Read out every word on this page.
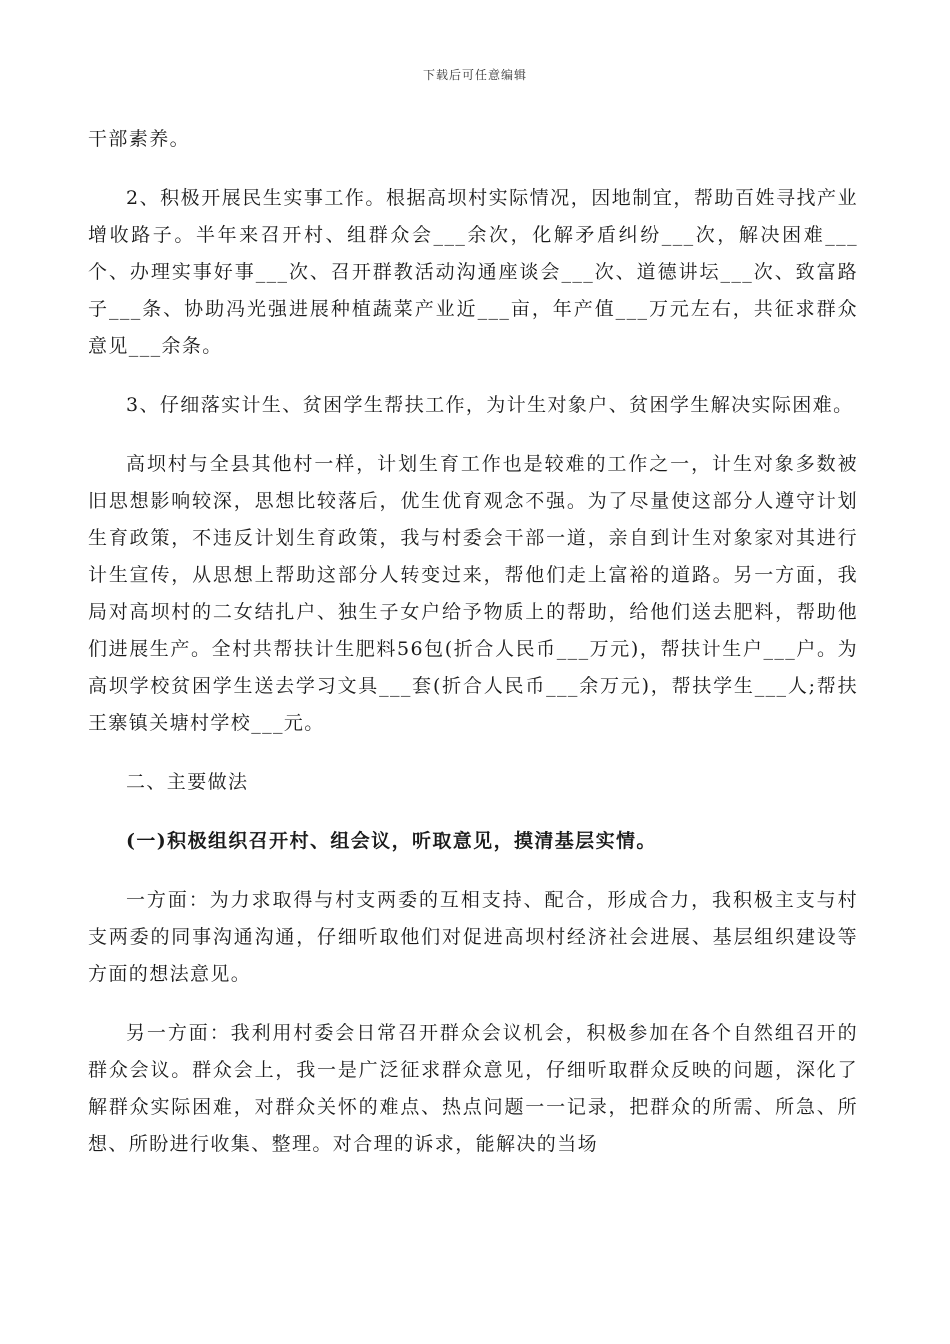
下载后可任意编辑

干部素养。

2、积极开展民生实事工作。根据高坝村实际情况，因地制宜，帮助百姓寻找产业增收路子。半年来召开村、组群众会___余次，化解矛盾纠纷___次，解决困难___个、办理实事好事___次、召开群教活动沟通座谈会___次、道德讲坛___次、致富路子___条、协助冯光强进展种植蔬菜产业近___亩，年产值___万元左右，共征求群众意见___余条。

3、仔细落实计生、贫困学生帮扶工作，为计生对象户、贫困学生解决实际困难。

高坝村与全县其他村一样，计划生育工作也是较难的工作之一，计生对象多数被旧思想影响较深，思想比较落后，优生优育观念不强。为了尽量使这部分人遵守计划生育政策，不违反计划生育政策，我与村委会干部一道，亲自到计生对象家对其进行计生宣传，从思想上帮助这部分人转变过来，帮他们走上富裕的道路。另一方面，我局对高坝村的二女结扎户、独生子女户给予物质上的帮助，给他们送去肥料，帮助他们进展生产。全村共帮扶计生肥料56包(折合人民币___万元)，帮扶计生户___户。为高坝学校贫困学生送去学习文具___套(折合人民币___余万元)，帮扶学生___人;帮扶王寨镇关塘村学校___元。

二、主要做法

(一)积极组织召开村、组会议，听取意见，摸清基层实情。

一方面：为力求取得与村支两委的互相支持、配合，形成合力，我积极主支与村支两委的同事沟通沟通，仔细听取他们对促进高坝村经济社会进展、基层组织建设等方面的想法意见。

另一方面：我利用村委会日常召开群众会议机会，积极参加在各个自然组召开的群众会议。群众会上，我一是广泛征求群众意见，仔细听取群众反映的问题，深化了解群众实际困难，对群众关怀的难点、热点问题一一记录，把群众的所需、所急、所想、所盼进行收集、整理。对合理的诉求，能解决的当场
